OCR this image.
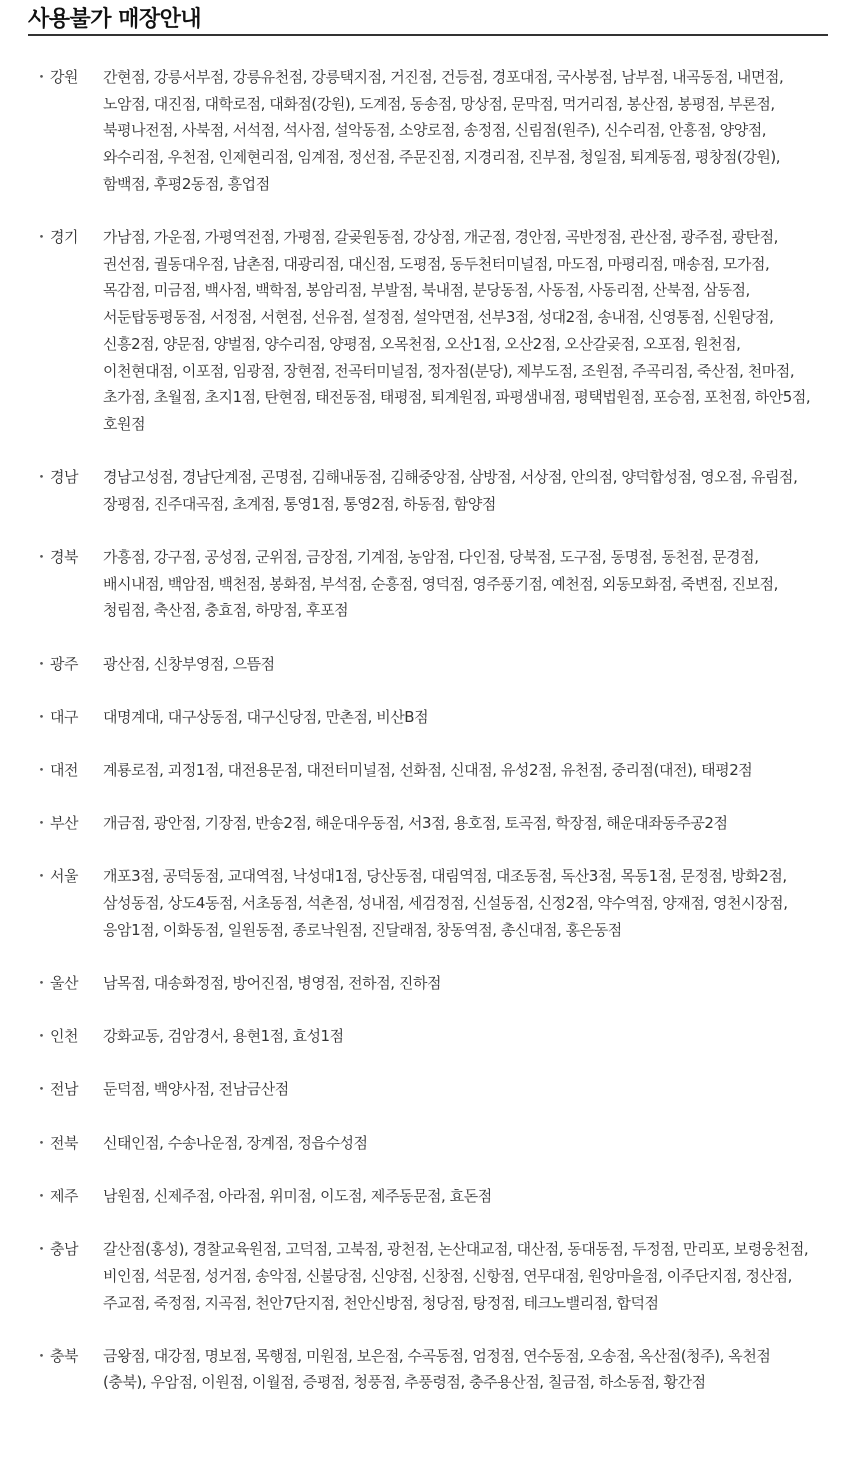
사용불가 매장안내
・ 강원	간현점, 강릉서부점, 강릉유천점, 강릉택지점, 거진점, 건등점, 경포대점, 국사봉점, 남부점, 내곡동점, 내면점, 노암점, 대진점, 대학로점, 대화점(강원), 도계점, 동송점, 망상점, 문막점, 먹거리점, 봉산점, 봉평점, 부론점, 북평나전점, 사북점, 서석점, 석사점, 설악동점, 소양로점, 송정점, 신림점(원주), 신수리점, 안흥점, 양양점, 와수리점, 우천점, 인제현리점, 임계점, 정선점, 주문진점, 지경리점, 진부점, 청일점, 퇴계동점, 평창점(강원), 함백점, 후평2동점, 흥업점
・ 경기	가남점, 가운점, 가평역전점, 가평점, 갈곶원동점, 강상점, 개군점, 경안점, 곡반정점, 관산점, 광주점, 광탄점, 권선점, 궐동대우점, 남촌점, 대광리점, 대신점, 도평점, 동두천터미널점, 마도점, 마평리점, 매송점, 모가점, 목감점, 미금점, 백사점, 백학점, 봉암리점, 부발점, 북내점, 분당동점, 사동점, 사동리점, 산북점, 삼동점, 서둔탑동평동점, 서정점, 서현점, 선유점, 설정점, 설악면점, 선부3점, 성대2점, 송내점, 신영통점, 신원당점, 신흥2점, 양문점, 양벌점, 양수리점, 양평점, 오목천점, 오산1점, 오산2점, 오산갈곶점, 오포점, 원천점, 이천현대점, 이포점, 임광점, 장현점, 전곡터미널점, 정자점(분당), 제부도점, 조원점, 주곡리점, 죽산점, 천마점, 초가점, 초월점, 초지1점, 탄현점, 태전동점, 태평점, 퇴계원점, 파평샘내점, 평택법원점, 포승점, 포천점, 하안5점, 호원점
・ 경남	경남고성점, 경남단계점, 곤명점, 김해내동점, 김해중앙점, 삼방점, 서상점, 안의점, 양덕합성점, 영오점, 유림점, 장평점, 진주대곡점, 초계점, 통영1점, 통영2점, 하동점, 함양점
・ 경북	가흥점, 강구점, 공성점, 군위점, 금장점, 기계점, 농암점, 다인점, 당북점, 도구점, 동명점, 동천점, 문경점, 배시내점, 백암점, 백천점, 봉화점, 부석점, 순흥점, 영덕점, 영주풍기점, 예천점, 외동모화점, 죽변점, 진보점, 청림점, 축산점, 충효점, 하망점, 후포점
・ 광주	광산점, 신창부영점, 으뜸점
・ 대구	대명계대, 대구상동점, 대구신당점, 만촌점, 비산B점
・ 대전	계룡로점, 괴정1점, 대전용문점, 대전터미널점, 선화점, 신대점, 유성2점, 유천점, 중리점(대전), 태평2점
・ 부산	개금점, 광안점, 기장점, 반송2점, 해운대우동점, 서3점, 용호점, 토곡점, 학장점, 해운대좌동주공2점
・ 서울	개포3점, 공덕동점, 교대역점, 낙성대1점, 당산동점, 대림역점, 대조동점, 독산3점, 목동1점, 문정점, 방화2점, 삼성동점, 상도4동점, 서초동점, 석촌점, 성내점, 세검정점, 신설동점, 신정2점, 약수역점, 양재점, 영천시장점, 응암1점, 이화동점, 일원동점, 종로낙원점, 진달래점, 창동역점, 총신대점, 홍은동점
・ 울산	남목점, 대송화정점, 방어진점, 병영점, 전하점, 진하점
・ 인천	강화교동, 검암경서, 용현1점, 효성1점
・ 전남	둔덕점, 백양사점, 전남금산점
・ 전북	신태인점, 수송나운점, 장계점, 정읍수성점
・ 제주	남원점, 신제주점, 아라점, 위미점, 이도점, 제주동문점, 효돈점
・ 충남	갈산점(홍성), 경찰교육원점, 고덕점, 고북점, 광천점, 논산대교점, 대산점, 동대동점, 두정점, 만리포, 보령웅천점, 비인점, 석문점, 성거점, 송악점, 신불당점, 신양점, 신창점, 신항점, 연무대점, 원앙마을점, 이주단지점, 정산점, 주교점, 죽정점, 지곡점, 천안7단지점, 천안신방점, 청당점, 탕정점, 테크노밸리점, 합덕점
・ 충북	금왕점, 대강점, 명보점, 목행점, 미원점, 보은점, 수곡동점, 엄정점, 연수동점, 오송점, 옥산점(청주), 옥천점(충북), 우암점, 이원점, 이월점, 증평점, 청풍점, 추풍령점, 충주용산점, 칠금점, 하소동점, 황간점
